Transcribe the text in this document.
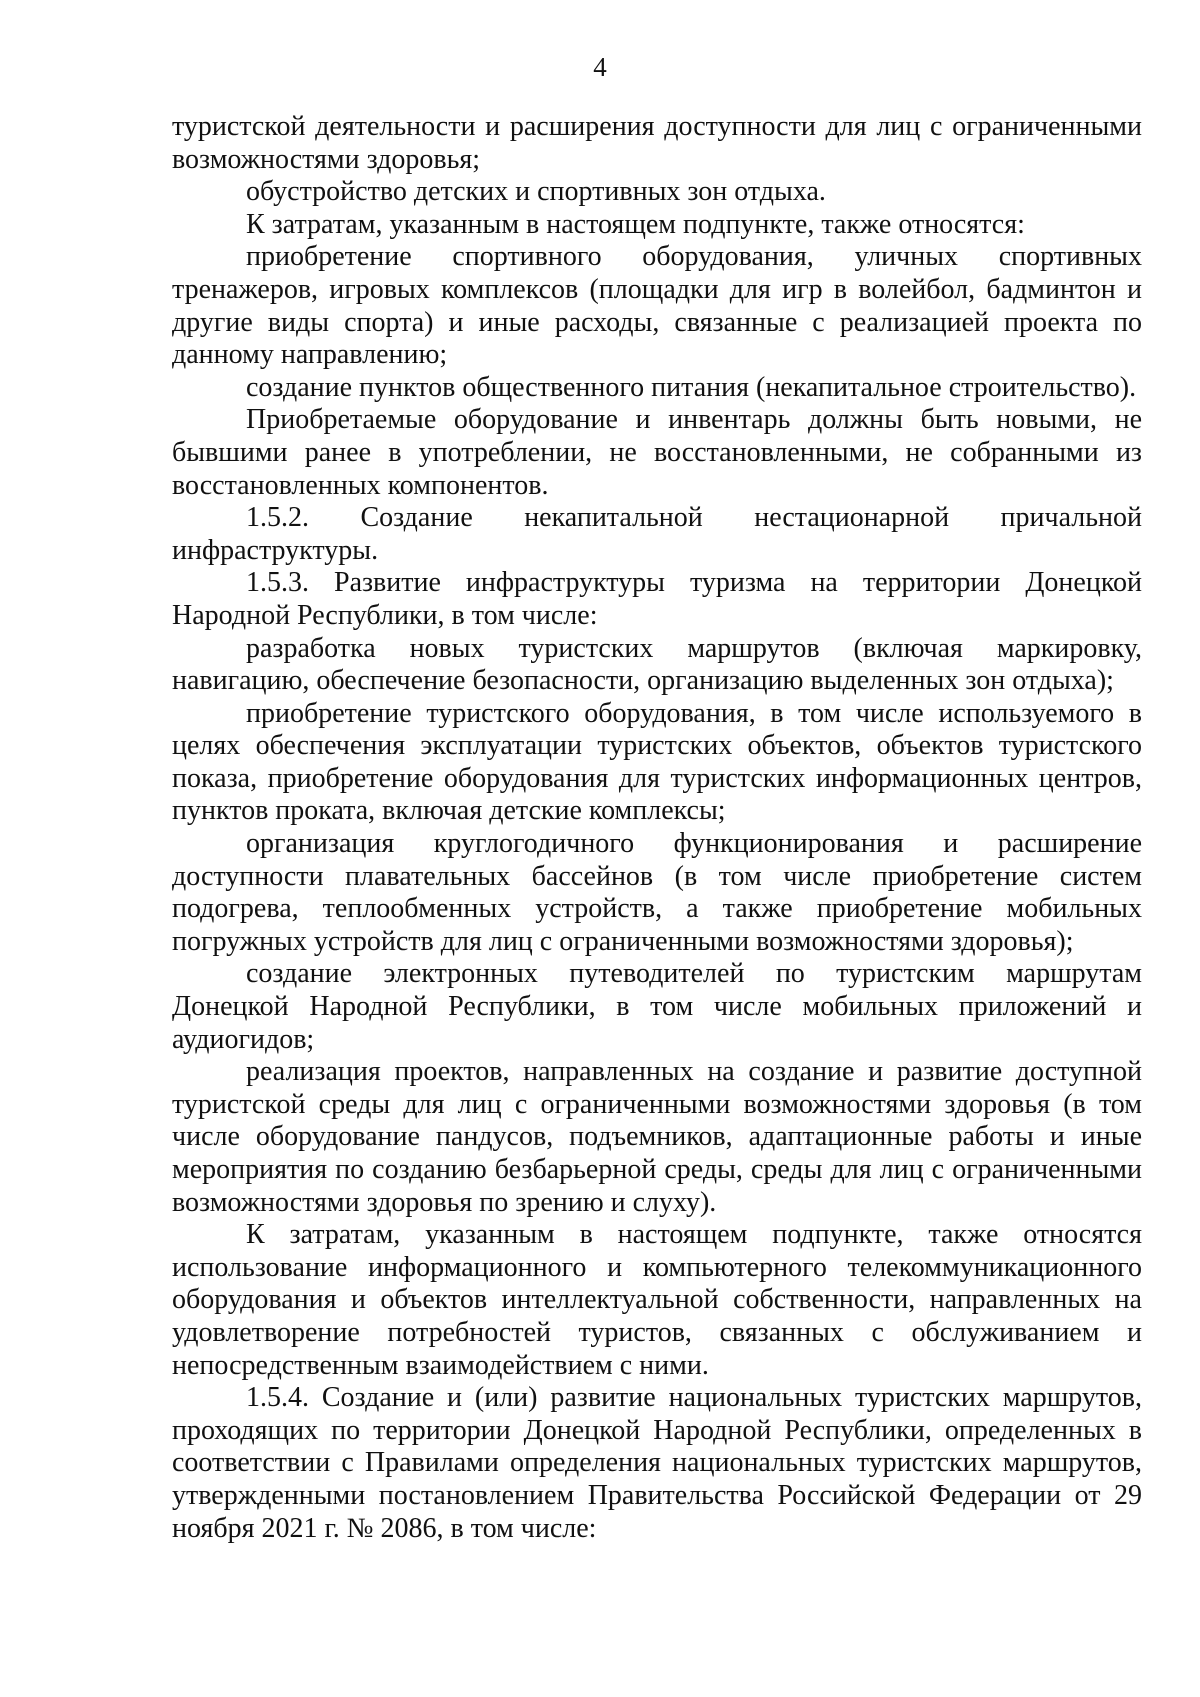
4

туристской деятельности и расширения доступности для лиц с ограниченными возможностями здоровья;

обустройство детских и спортивных зон отдыха.

К затратам, указанным в настоящем подпункте, также относятся:

приобретение спортивного оборудования, уличных спортивных тренажеров, игровых комплексов (площадки для игр в волейбол, бадминтон и другие виды спорта) и иные расходы, связанные с реализацией проекта по данному направлению;

создание пунктов общественного питания (некапитальное строительство).

Приобретаемые оборудование и инвентарь должны быть новыми, не бывшими ранее в употреблении, не восстановленными, не собранными из восстановленных компонентов.

1.5.2. Создание некапитальной нестационарной причальной инфраструктуры.

1.5.3. Развитие инфраструктуры туризма на территории Донецкой Народной Республики, в том числе:

разработка новых туристских маршрутов (включая маркировку, навигацию, обеспечение безопасности, организацию выделенных зон отдыха);

приобретение туристского оборудования, в том числе используемого в целях обеспечения эксплуатации туристских объектов, объектов туристского показа, приобретение оборудования для туристских информационных центров, пунктов проката, включая детские комплексы;

организация круглогодичного функционирования и расширение доступности плавательных бассейнов (в том числе приобретение систем подогрева, теплообменных устройств, а также приобретение мобильных погружных устройств для лиц с ограниченными возможностями здоровья);

создание электронных путеводителей по туристским маршрутам Донецкой Народной Республики, в том числе мобильных приложений и аудиогидов;

реализация проектов, направленных на создание и развитие доступной туристской среды для лиц с ограниченными возможностями здоровья (в том числе оборудование пандусов, подъемников, адаптационные работы и иные мероприятия по созданию безбарьерной среды, среды для лиц с ограниченными возможностями здоровья по зрению и слуху).

К затратам, указанным в настоящем подпункте, также относятся использование информационного и компьютерного телекоммуникационного оборудования и объектов интеллектуальной собственности, направленных на удовлетворение потребностей туристов, связанных с обслуживанием и непосредственным взаимодействием с ними.

1.5.4. Создание и (или) развитие национальных туристских маршрутов, проходящих по территории Донецкой Народной Республики, определенных в соответствии с Правилами определения национальных туристских маршрутов, утвержденными постановлением Правительства Российской Федерации от 29 ноября 2021 г. № 2086, в том числе:
